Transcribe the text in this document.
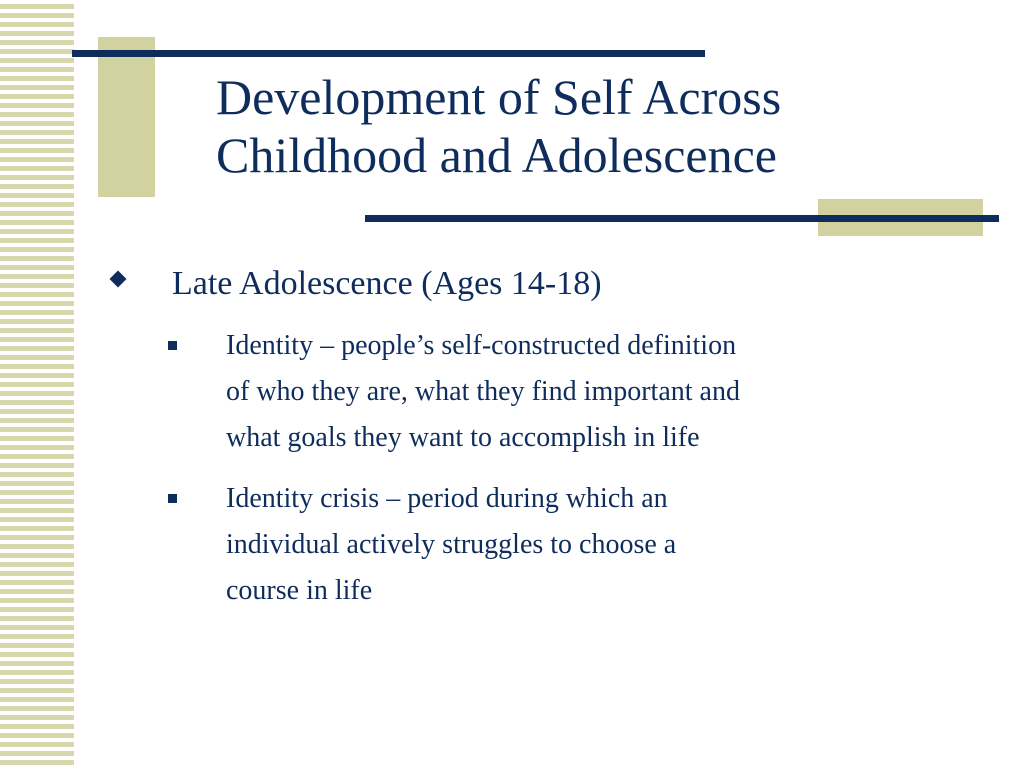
Development of Self Across
Childhood and Adolescence
Late Adolescence (Ages 14-18)
Identity – people’s self-constructed definition
of who they are, what they find important and
what goals they want to accomplish in life
Identity crisis – period during which an
individual actively struggles to choose a
course in life
